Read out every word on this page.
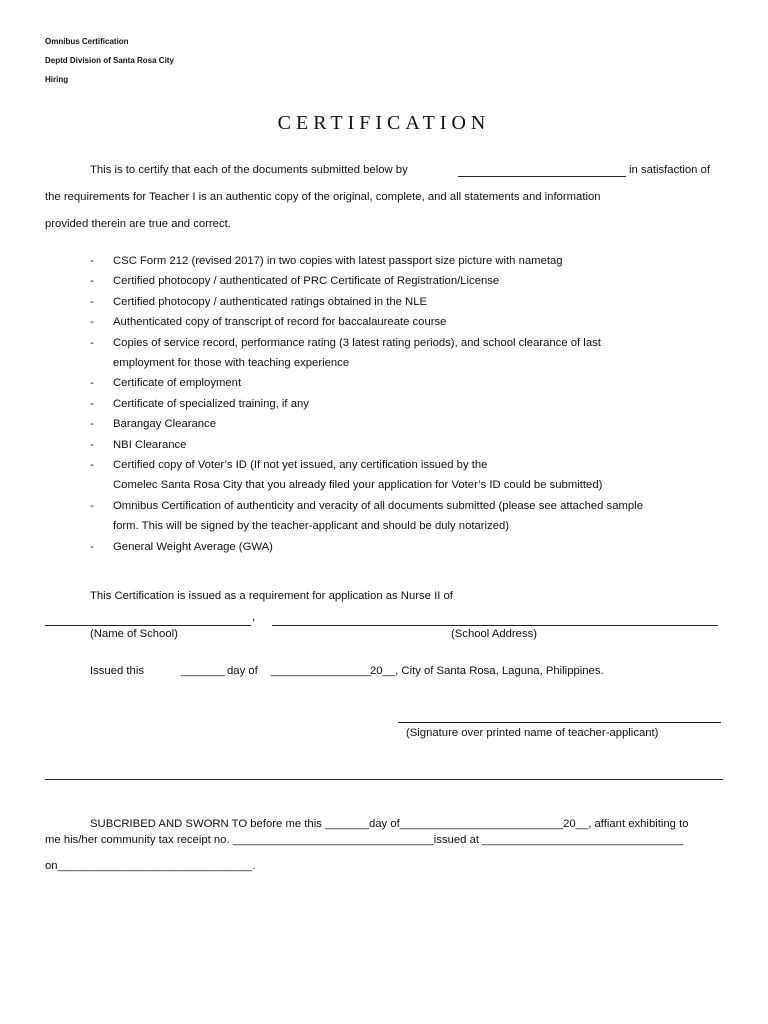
Omnibus Certification
Deptd Division of Santa Rosa City
Hiring
CERTIFICATION
This is to certify that each of the documents submitted below by	in satisfaction of
the requirements for Teacher I is an authentic copy of the original, complete, and all statements and information
provided therein are true and correct.
- CSC Form 212 (revised 2017) in two copies with latest passport size picture with nametag
- Certified photocopy / authenticated of PRC Certificate of Registration/License
- Certified photocopy / authenticated ratings obtained in the NLE
- Authenticated copy of transcript of record for baccalaureate course
- Copies of service record, performance rating (3 latest rating periods), and school clearance of last
employment for those with teaching experience
- Certificate of employment
- Certificate of specialized training, if any
- Barangay Clearance
- NBI Clearance
- Certified copy of Voter’s ID (If not yet issued, any certification issued by the
Comelec Santa Rosa City that you already filed your application for Voter’s ID could be submitted)
- Omnibus Certification of authenticity and veracity of all documents submitted (please see attached sample
form. This will be signed by the teacher-applicant and should be duly notarized)
- General Weight Average (GWA)
This Certification is issued as a requirement for application as Nurse II of
,
(Name of School)	(School Address)
Issued this	_______ day of ________________
20__, City of Santa Rosa, Laguna, Philippines.
(Signature over printed name of teacher-applicant)
SUBCRIBED AND SWORN TO before me this _______day of__________________________20__, affiant exhibiting to
me his/her community tax receipt no. ________________________________issued at ________________________________
on_______________________________.
